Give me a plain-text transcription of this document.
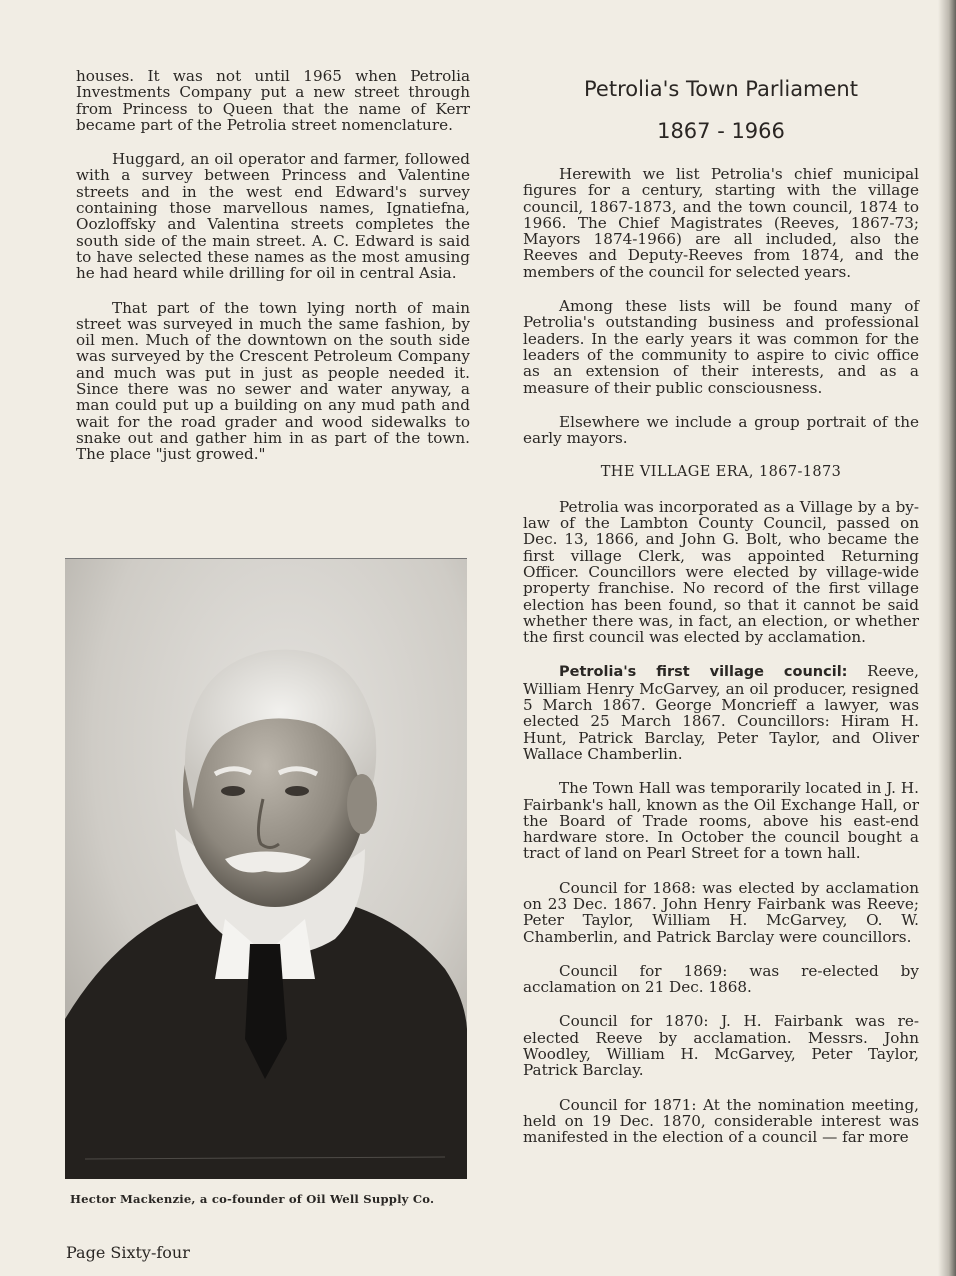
houses. It was not until 1965 when Petrolia Investments Company put a new street through from Princess to Queen that the name of Kerr became part of the Petrolia street nomenclature.

Huggard, an oil operator and farmer, followed with a survey between Princess and Valentine streets and in the west end Edward's survey containing those marvellous names, Ignatiefna, Oozloffsky and Valentina streets completes the south side of the main street. A. C. Edward is said to have selected these names as the most amusing he had heard while drilling for oil in central Asia.

That part of the town lying north of main street was surveyed in much the same fashion, by oil men. Much of the downtown on the south side was surveyed by the Crescent Petroleum Company and much was put in just as people needed it. Since there was no sewer and water anyway, a man could put up a building on any mud path and wait for the road grader and wood sidewalks to snake out and gather him in as part of the town. The place "just growed."

Hector Mackenzie, a co-founder of Oil Well Supply Co.
Petrolia's Town Parliament
1867 - 1966

Herewith we list Petrolia's chief municipal figures for a century, starting with the village council, 1867-1873, and the town council, 1874 to 1966. The Chief Magistrates (Reeves, 1867-73; Mayors 1874-1966) are all included, also the Reeves and Deputy-Reeves from 1874, and the members of the council for selected years.

Among these lists will be found many of Petrolia's outstanding business and professional leaders. In the early years it was common for the leaders of the community to aspire to civic office as an extension of their interests, and as a measure of their public consciousness.

Elsewhere we include a group portrait of the early mayors.

THE VILLAGE ERA, 1867-1873

Petrolia was incorporated as a Village by a by-law of the Lambton County Council, passed on Dec. 13, 1866, and John G. Bolt, who became the first village Clerk, was appointed Returning Officer. Councillors were elected by village-wide property franchise. No record of the first village election has been found, so that it cannot be said whether there was, in fact, an election, or whether the first council was elected by acclamation.

Petrolia's first village council: Reeve, William Henry McGarvey, an oil producer, resigned 5 March 1867. George Moncrieff a lawyer, was elected 25 March 1867. Councillors: Hiram H. Hunt, Patrick Barclay, Peter Taylor, and Oliver Wallace Chamberlin.

The Town Hall was temporarily located in J. H. Fairbank's hall, known as the Oil Exchange Hall, or the Board of Trade rooms, above his east-end hardware store. In October the council bought a tract of land on Pearl Street for a town hall.

Council for 1868: was elected by acclamation on 23 Dec. 1867. John Henry Fairbank was Reeve; Peter Taylor, William H. McGarvey, O. W. Chamberlin, and Patrick Barclay were councillors.

Council for 1869: was re-elected by acclamation on 21 Dec. 1868.

Council for 1870: J. H. Fairbank was re-elected Reeve by acclamation. Messrs. John Woodley, William H. McGarvey, Peter Taylor, Patrick Barclay.

Council for 1871: At the nomination meeting, held on 19 Dec. 1870, considerable interest was manifested in the election of a council — far more

Page Sixty-four
